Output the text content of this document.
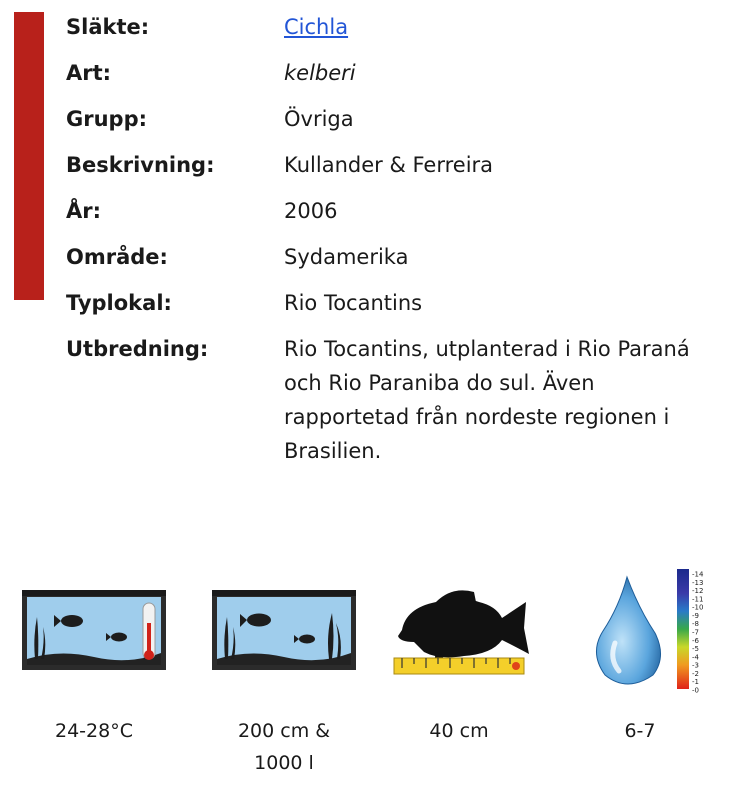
Släkte:	Cichla
Art:	kelberi
Grupp:	Övriga
Beskrivning:	Kullander & Ferreira
År:	2006
Område:	Sydamerika
Typlokal:	Rio Tocantins
Utbredning:	Rio Tocantins, utplanterad i Rio Paraná och Rio Paraniba do sul. Även rapportetad från nordeste regionen i Brasilien.
24-28°C	200 cm &
1000 l
40 cm
-14
-13
-12
-11
-10
-9
-8
-7
-6
-5
-4
-3
-2
-1
-0
6-7
